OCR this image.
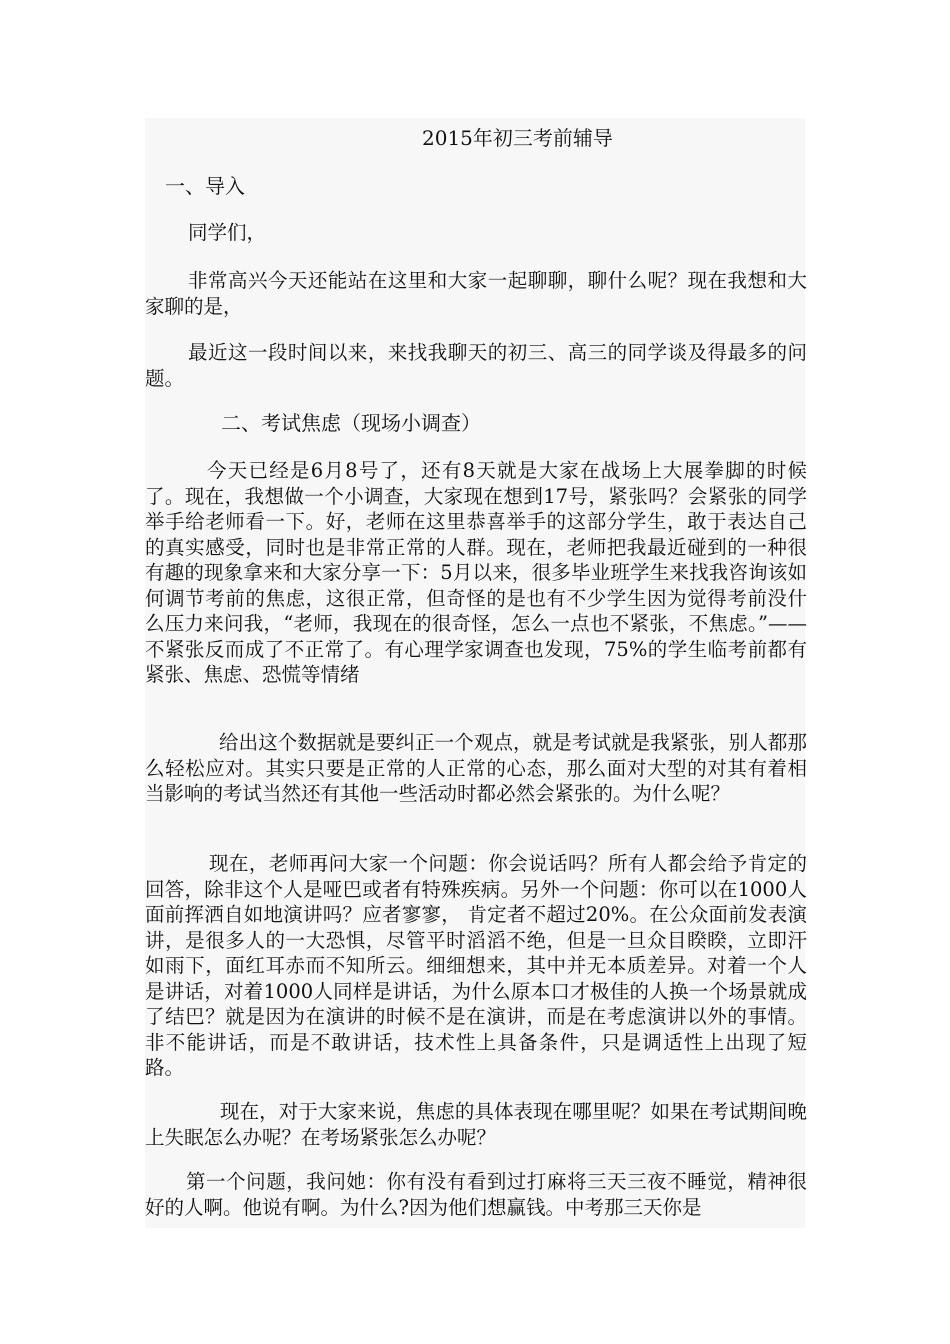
2015年初三考前辅导
一、导入
同学们，
非常高兴今天还能站在这里和大家一起聊聊，聊什么呢？现在我想和大家聊的是，
最近这一段时间以来，来找我聊天的初三、高三的同学谈及得最多的问题。
二、考试焦虑（现场小调查）
今天已经是6月8号了，还有8天就是大家在战场上大展拳脚的时候了。现在，我想做一个小调查，大家现在想到17号，紧张吗？会紧张的同学举手给老师看一下。好，老师在这里恭喜举手的这部分学生，敢于表达自己的真实感受，同时也是非常正常的人群。现在，老师把我最近碰到的一种很有趣的现象拿来和大家分享一下：5月以来，很多毕业班学生来找我咨询该如何调节考前的焦虑，这很正常，但奇怪的是也有不少学生因为觉得考前没什么压力来问我，“老师，我现在的很奇怪，怎么一点也不紧张，不焦虑。”——不紧张反而成了不正常了。有心理学家调查也发现，75%的学生临考前都有紧张、焦虑、恐慌等情绪
给出这个数据就是要纠正一个观点，就是考试就是我紧张，别人都那么轻松应对。其实只要是正常的人正常的心态，那么面对大型的对其有着相当影响的考试当然还有其他一些活动时都必然会紧张的。为什么呢？
现在，老师再问大家一个问题：你会说话吗？所有人都会给予肯定的回答，除非这个人是哑巴或者有特殊疾病。另外一个问题：你可以在1000人面前挥洒自如地演讲吗？应者寥寥， 肯定者不超过20%。在公众面前发表演讲，是很多人的一大恐惧，尽管平时滔滔不绝，但是一旦众目睽睽，立即汗如雨下，面红耳赤而不知所云。细细想来，其中并无本质差异。对着一个人是讲话，对着1000人同样是讲话，为什么原本口才极佳的人换一个场景就成了结巴？就是因为在演讲的时候不是在演讲，而是在考虑演讲以外的事情。非不能讲话，而是不敢讲话，技术性上具备条件，只是调适性上出现了短路。
现在，对于大家来说，焦虑的具体表现在哪里呢？如果在考试期间晚上失眠怎么办呢？在考场紧张怎么办呢？
第一个问题，我问她：你有没有看到过打麻将三天三夜不睡觉，精神很好的人啊。他说有啊。为什么?因为他们想赢钱。中考那三天你是
